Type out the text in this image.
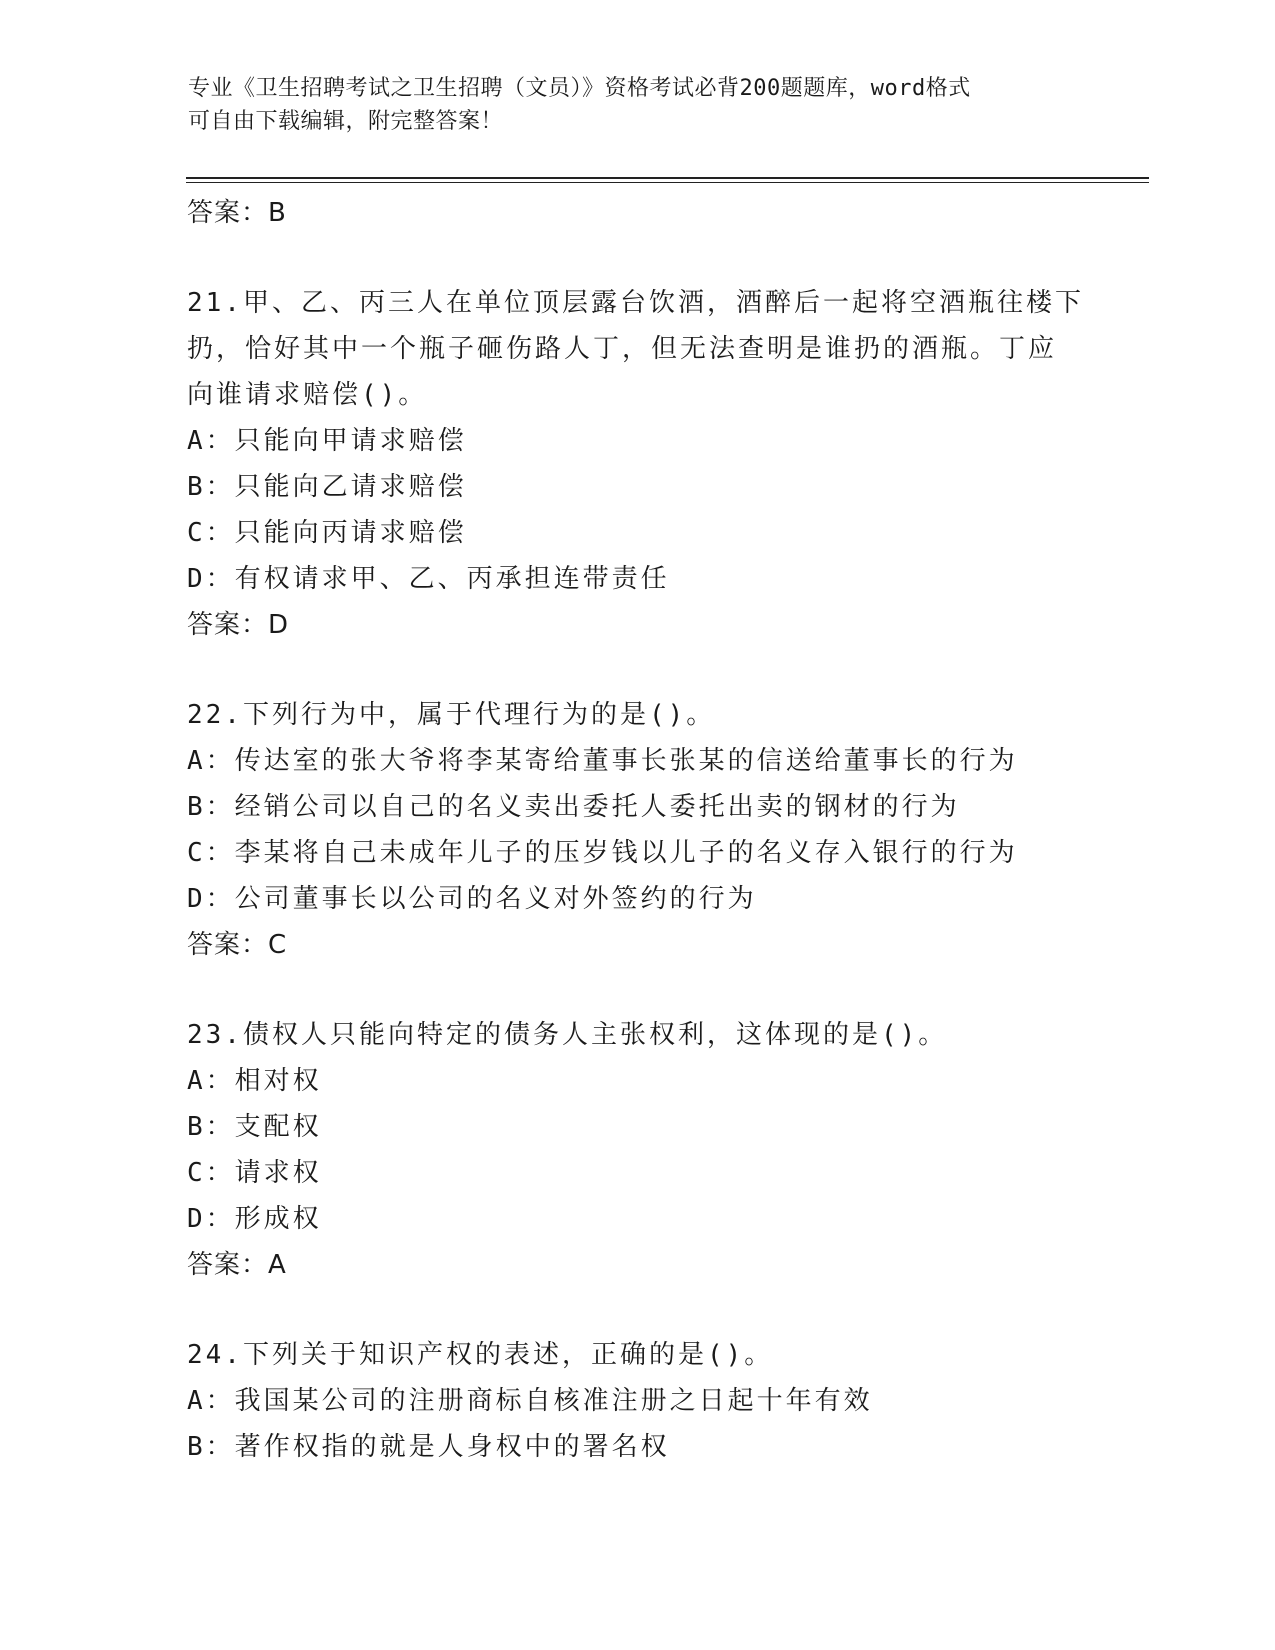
专业《卫生招聘考试之卫生招聘（文员）》资格考试必背200题题库，word格式
可自由下载编辑，附完整答案！
答案：B
21.甲、乙、丙三人在单位顶层露台饮酒，酒醉后一起将空酒瓶往楼下
扔，恰好其中一个瓶子砸伤路人丁，但无法查明是谁扔的酒瓶。丁应
向谁请求赔偿()。
A：只能向甲请求赔偿
B：只能向乙请求赔偿
C：只能向丙请求赔偿
D：有权请求甲、乙、丙承担连带责任
答案：D
22.下列行为中，属于代理行为的是()。
A：传达室的张大爷将李某寄给董事长张某的信送给董事长的行为
B：经销公司以自己的名义卖出委托人委托出卖的钢材的行为
C：李某将自己未成年儿子的压岁钱以儿子的名义存入银行的行为
D：公司董事长以公司的名义对外签约的行为
答案：C
23.债权人只能向特定的债务人主张权利，这体现的是()。
A：相对权
B：支配权
C：请求权
D：形成权
答案：A
24.下列关于知识产权的表述，正确的是()。
A：我国某公司的注册商标自核准注册之日起十年有效
B：著作权指的就是人身权中的署名权
